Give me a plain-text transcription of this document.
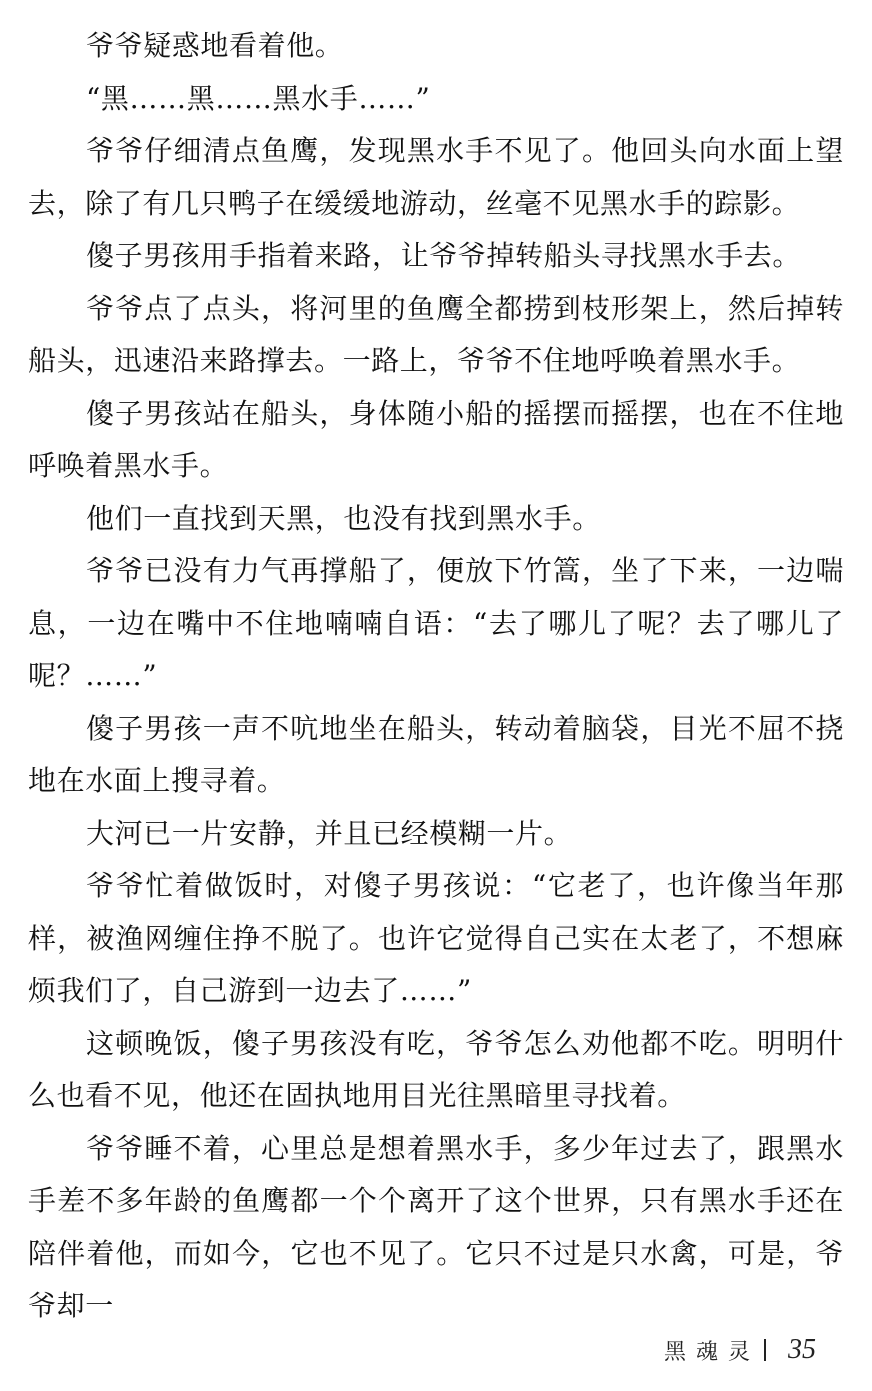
爷爷疑惑地看着他。

“黑……黑……黑水手……”

爷爷仔细清点鱼鹰，发现黑水手不见了。他回头向水面上望去，除了有几只鸭子在缓缓地游动，丝毫不见黑水手的踪影。

傻子男孩用手指着来路，让爷爷掉转船头寻找黑水手去。

爷爷点了点头，将河里的鱼鹰全都捞到枝形架上，然后掉转船头，迅速沿来路撑去。一路上，爷爷不住地呼唤着黑水手。

傻子男孩站在船头，身体随小船的摇摆而摇摆，也在不住地呼唤着黑水手。

他们一直找到天黑，也没有找到黑水手。

爷爷已没有力气再撑船了，便放下竹篙，坐了下来，一边喘息，一边在嘴中不住地喃喃自语：“去了哪儿了呢？去了哪儿了呢？……”

傻子男孩一声不吭地坐在船头，转动着脑袋，目光不屈不挠地在水面上搜寻着。

大河已一片安静，并且已经模糊一片。

爷爷忙着做饭时，对傻子男孩说：“它老了，也许像当年那样，被渔网缠住挣不脱了。也许它觉得自己实在太老了，不想麻烦我们了，自己游到一边去了……”

这顿晚饭，傻子男孩没有吃，爷爷怎么劝他都不吃。明明什么也看不见，他还在固执地用目光往黑暗里寻找着。

爷爷睡不着，心里总是想着黑水手，多少年过去了，跟黑水手差不多年龄的鱼鹰都一个个离开了这个世界，只有黑水手还在陪伴着他，而如今，它也不见了。它只不过是只水禽，可是，爷爷却一

黑魂灵 35
